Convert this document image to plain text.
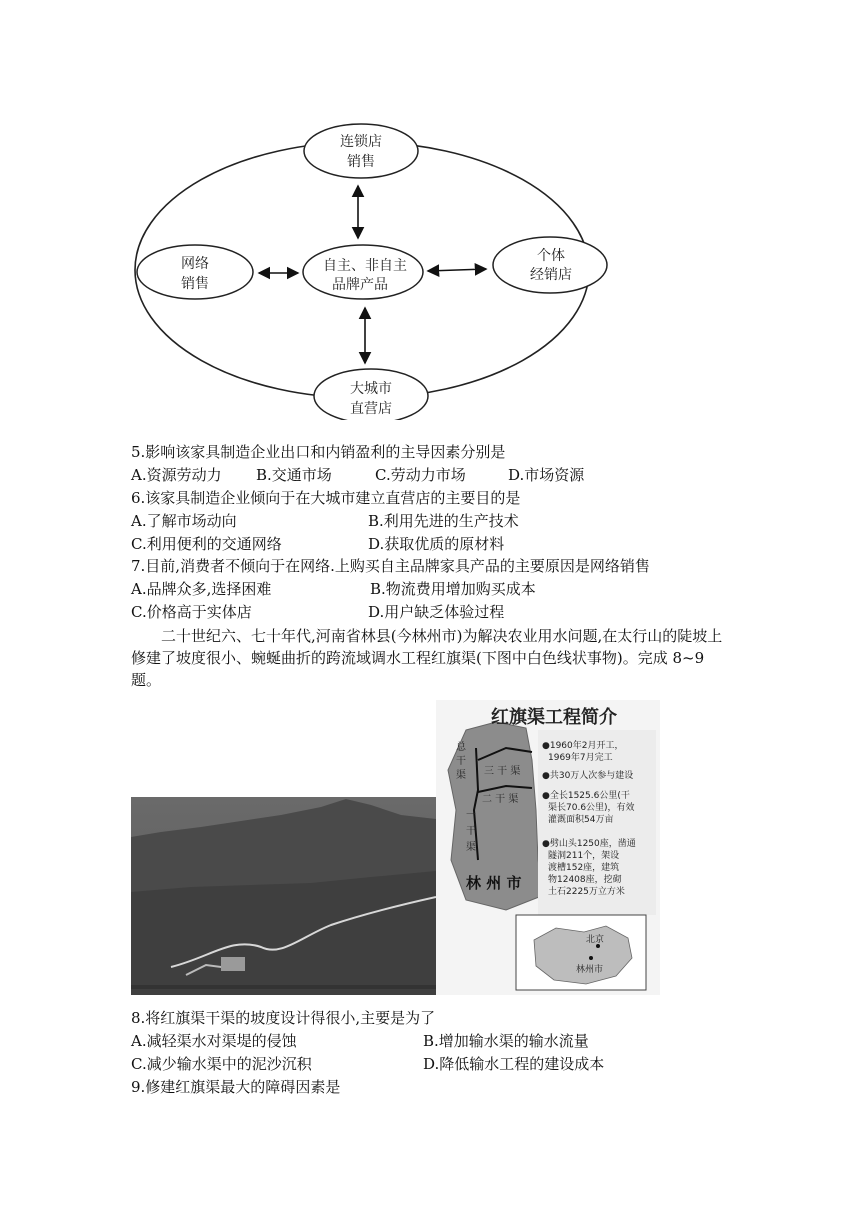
连锁店
销售
网络
销售
自主、非自主
品牌产品
个体
经销店
大城市
直营店
5.影响该家具制造企业出口和内销盈利的主导因素分别是
A.资源劳动力 B.交通市场	C.劳动力市场	D.市场资源
6.该家具制造企业倾向于在大城市建立直营店的主要目的是
A.了解市场动向	B.利用先进的生产技术
C.利用便利的交通网络	D.获取优质的原材料
7.目前,消费者不倾向于在网络.上购买自主品牌家具产品的主要原因是网络销售
A.品牌众多,选择困难	B.物流费用增加购买成本
C.价格高于实体店	D.用户缺乏体验过程
二十世纪六、七十年代,河南省林县(今林州市)为解决农业用水问题,在太行山的陡坡上修建了坡度很小、蜿蜒曲折的跨流域调水工程红旗渠(下图中白色线状事物)。完成 8~9 题。
红旗渠工程简介
总
干
渠 三 干 渠
二 干 渠
一
干
渠
林 州 市
●1960年2月开工，
1969年7月完工
●共30万人次参与建设
●全长1525.6公里(干
渠长70.6公里)，有效
灌溉面积54万亩
●劈山头1250座，凿通
隧洞211个，架设
渡槽152座，建筑
物12408座，挖砌
土石2225万立方米
北京
林州市
8.将红旗渠干渠的坡度设计得很小,主要是为了
A.减轻渠水对渠堤的侵蚀	B.增加输水渠的输水流量
C.减少输水渠中的泥沙沉积	D.降低输水工程的建设成本
9.修建红旗渠最大的障碍因素是
